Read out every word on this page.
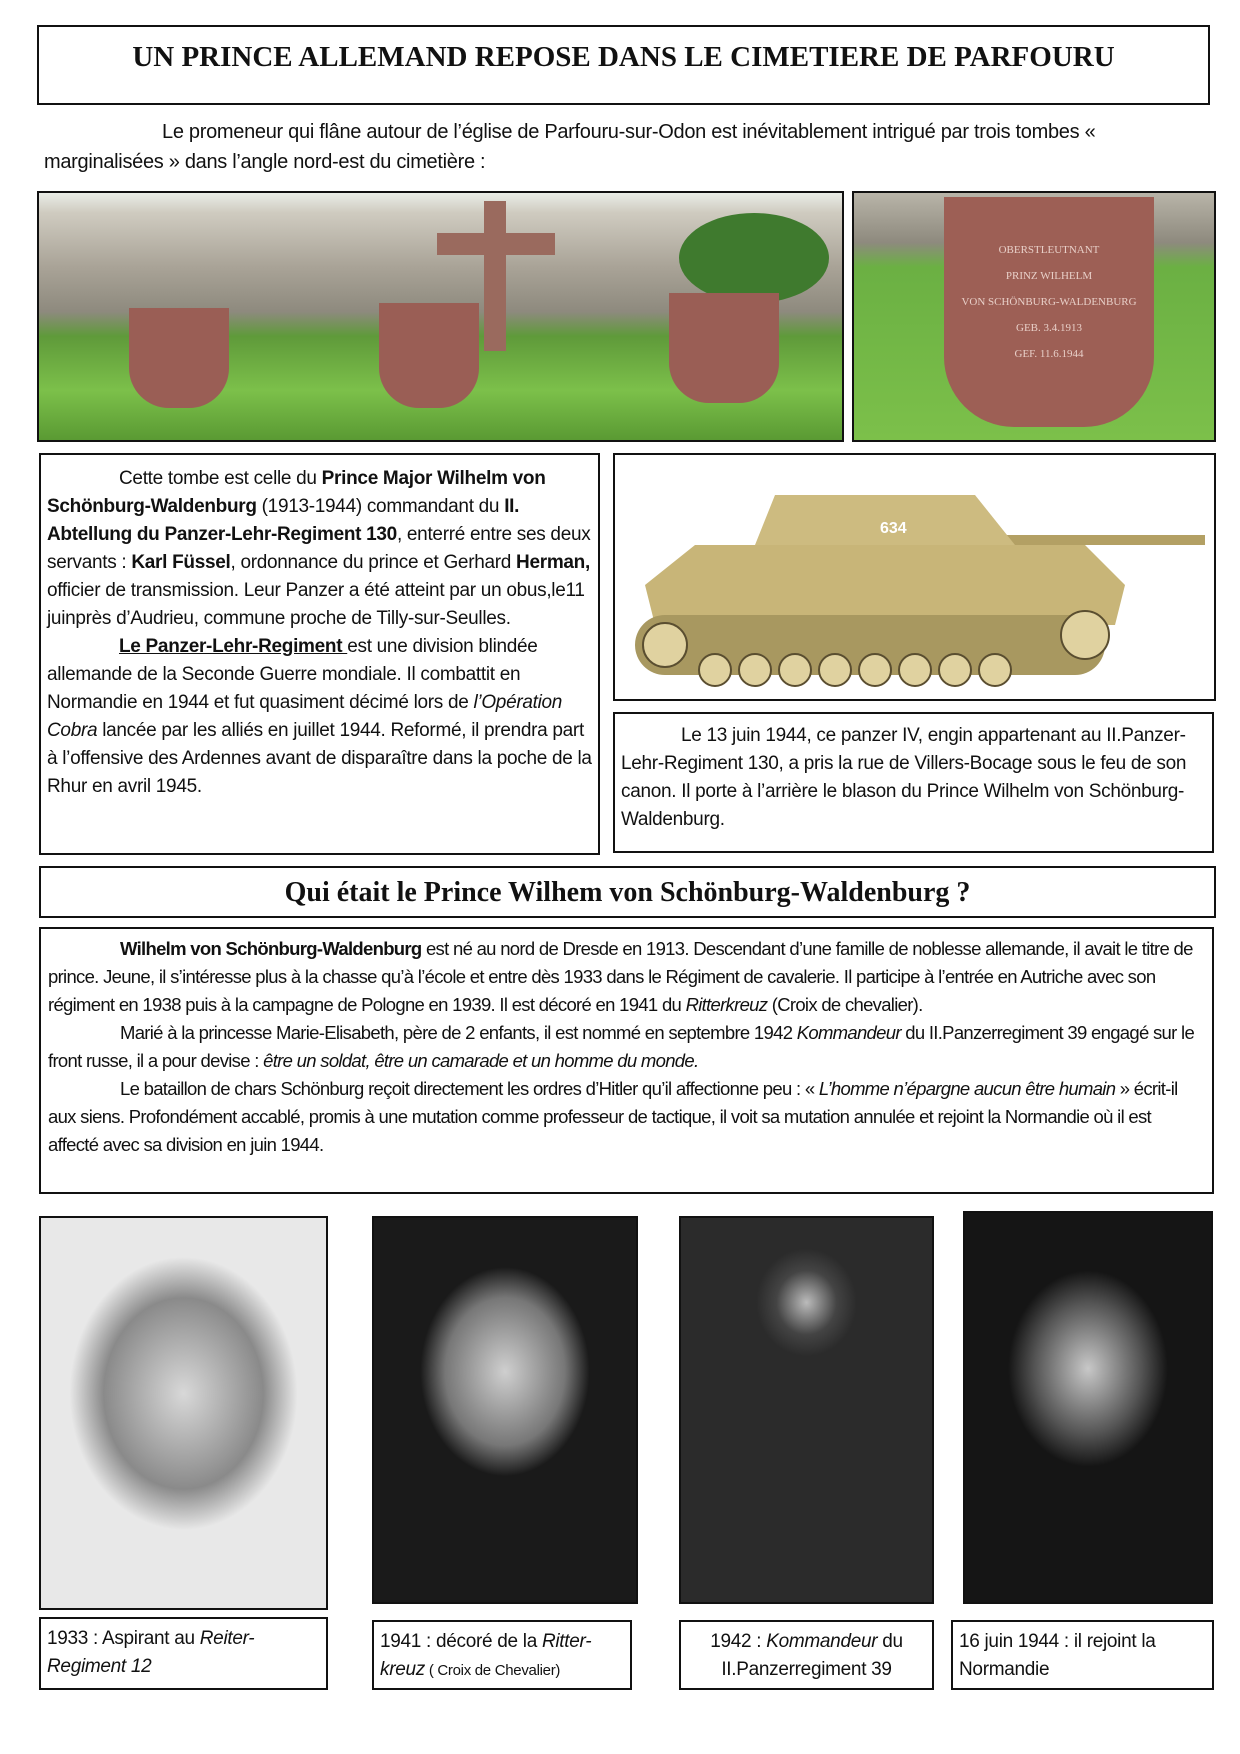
UN PRINCE ALLEMAND REPOSE DANS LE CIMETIERE DE PARFOURU
Le promeneur qui flâne autour de l’église de Parfouru-sur-Odon est inévitablement intrigué par trois tombes « marginalisées » dans l’angle nord-est du cimetière :
OBERSTLEUTNANT
PRINZ WILHELM
VON SCHÖNBURG-WALDENBURG
GEB. 3.4.1913
GEF. 11.6.1944
Cette tombe est celle du Prince Major Wilhelm von Schönburg-Waldenburg (1913-1944) commandant du II. Abtellung du Panzer-Lehr-Regiment 130, enterré entre ses deux servants : Karl Füssel, ordonnance du prince et Gerhard Herman, officier de transmission. Leur Panzer a été atteint par un obus,le11 juinprès d’Audrieu, commune proche de Tilly-sur-Seulles.
Le Panzer-Lehr-Regiment est une division blindée allemande de la Seconde Guerre mondiale. Il combattit en Normandie en 1944 et fut quasiment décimé lors de l’Opération Cobra lancée par les alliés en juillet 1944. Reformé, il prendra part à l’offensive des Ardennes avant de disparaître dans la poche de la Rhur en avril 1945.
634
Le 13 juin 1944, ce panzer IV, engin appartenant au II.Panzer-Lehr-Regiment 130, a pris la rue de Villers-Bocage sous le feu de son canon. Il porte à l’arrière le blason du Prince Wilhelm von Schönburg-Waldenburg.
Qui était le Prince Wilhem von Schönburg-Waldenburg ?
Wilhelm von Schönburg-Waldenburg est né au nord de Dresde en 1913. Descendant d’une famille de noblesse allemande, il avait le titre de prince. Jeune, il s’intéresse plus à la chasse qu’à l’école et entre dès 1933 dans le Régiment de cavalerie. Il participe à l’entrée en Autriche avec son régiment en 1938 puis à la campagne de Pologne en 1939. Il est décoré en 1941 du Ritterkreuz (Croix de chevalier).
Marié à la princesse Marie-Elisabeth, père de 2 enfants, il est nommé en septembre 1942 Kommandeur du II.Panzerregiment 39 engagé sur le front russe, il a pour devise : être un soldat, être un camarade et un homme du monde.
Le bataillon de chars Schönburg reçoit directement les ordres d’Hitler qu’il affectionne peu : « L’homme n’épargne aucun être humain » écrit-il aux siens. Profondément accablé, promis à une mutation comme professeur de tactique, il voit sa mutation annulée et rejoint la Normandie où il est affecté avec sa division en juin 1944.
1933 : Aspirant au Reiter-Regiment 12
1941 : décoré de la Ritter-kreuz ( Croix de Chevalier)
1942 : Kommandeur du II.Panzerregiment 39
16 juin 1944 : il rejoint la Normandie
